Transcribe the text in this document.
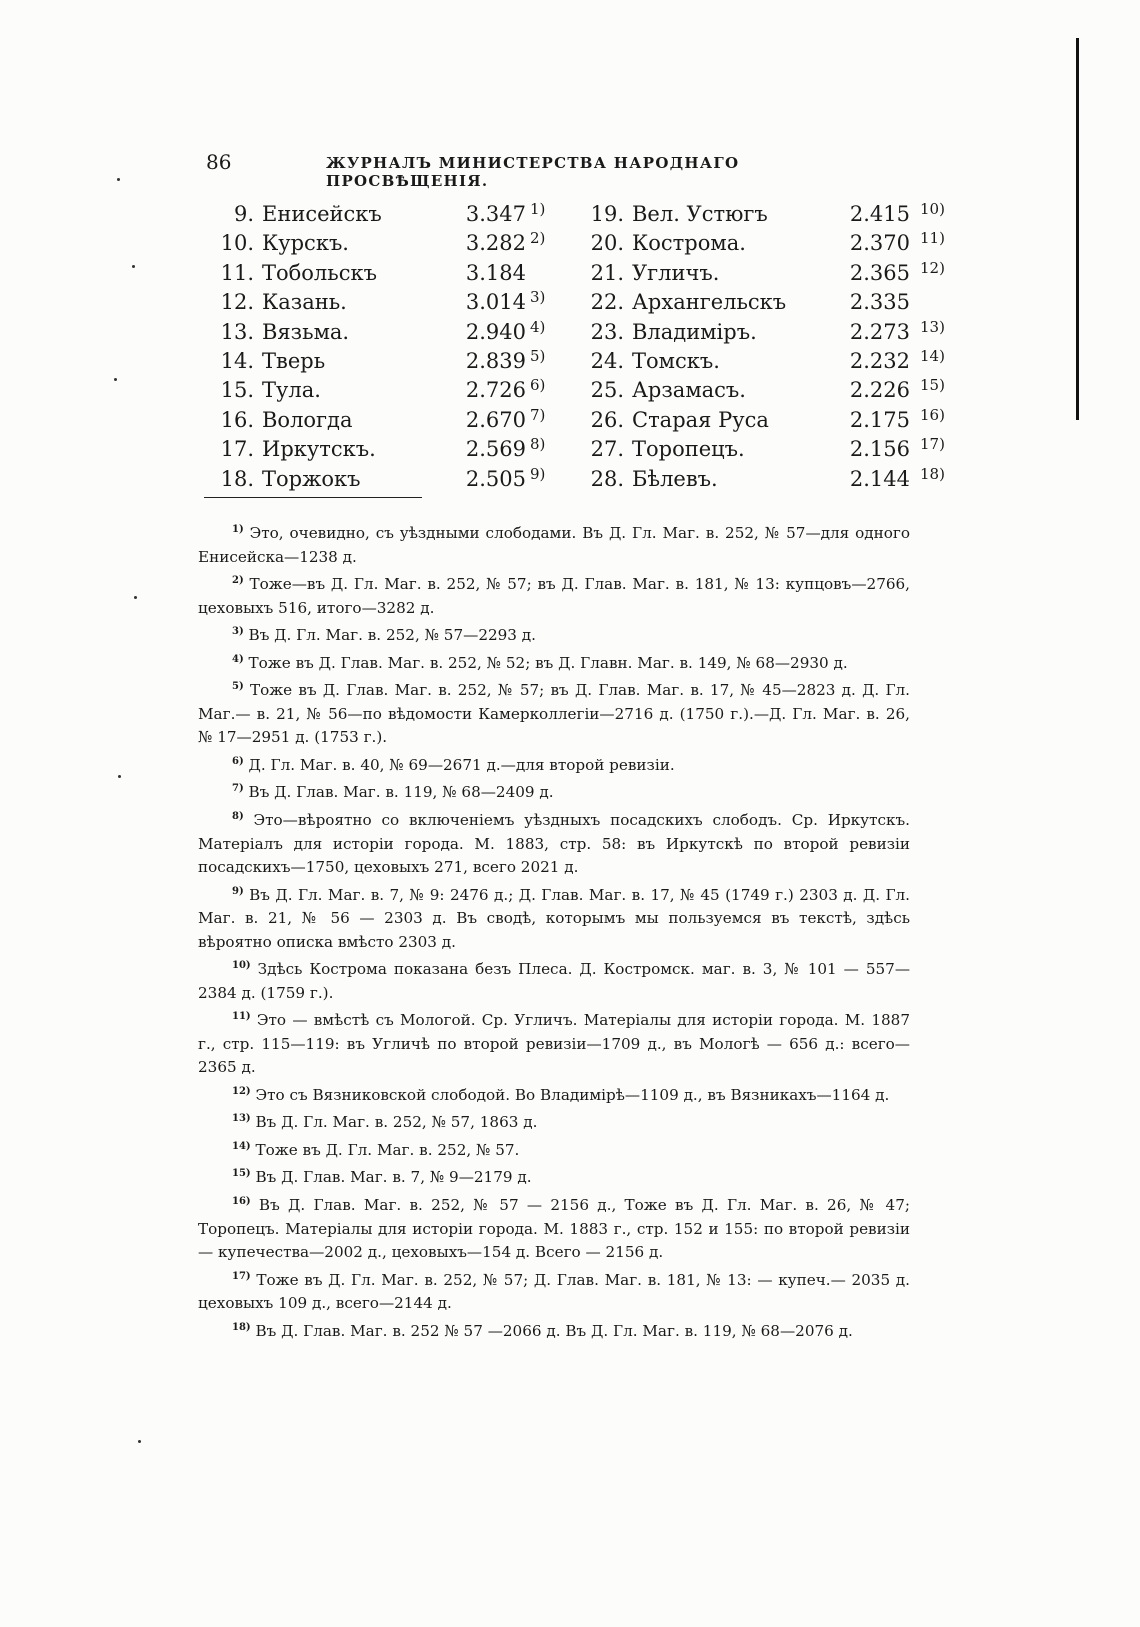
86	ЖУРНАЛЪ МИНИСТЕРСТВА НАРОДНАГО ПРОСВѢЩЕНІЯ.
9. Енисейскъ	3.347 1)
10. Курскъ.	3.282 2)
11. Тобольскъ	3.184
12. Казань.	3.014 3)
13. Вязьма.	2.940 4)
14. Тверь	2.839 5)
15. Тула.	2.726 6)
16. Вологда	2.670 7)
17. Иркутскъ.	2.569 8)
18. Торжокъ	2.505 9)
19. Вел. Устюгъ	2.415 10)
20. Кострома.	2.370 11)
21. Угличъ.	2.365 12)
22. Архангельскъ	2.335
23. Владиміръ.	2.273 13)
24. Томскъ.	2.232 14)
25. Арзамасъ.	2.226 15)
26. Старая Руса	2.175 16)
27. Торопецъ.	2.156 17)
28. Бѣлевъ.	2.144 18)

$^{1)}$ Это, очевидно, съ уѣздными слободами. Въ Д. Гл. Маг. в. 252, № 57—для одного Енисейска—1238 д.

$^{2)}$ Тоже—въ Д. Гл. Маг. в. 252, № 57; въ Д. Глав. Маг. в. 181, № 13: купцовъ—2766, цеховыхъ 516, итого—3282 д.

$^{3)}$ Въ Д. Гл. Маг. в. 252, № 57—2293 д.

$^{4)}$ Тоже въ Д. Глав. Маг. в. 252, № 52; въ Д. Главн. Маг. в. 149, № 68—2930 д.

$^{5)}$ Тоже въ Д. Глав. Маг. в. 252, № 57; въ Д. Глав. Маг. в. 17, № 45—2823 д. Д. Гл. Маг.— в. 21, № 56—по вѣдомости Камерколлегіи—2716 д. (1750 г.).—Д. Гл. Маг. в. 26, № 17—2951 д. (1753 г.).

$^{6)}$ Д. Гл. Маг. в. 40, № 69—2671 д.—для второй ревизіи.

$^{7)}$ Въ Д. Глав. Маг. в. 119, № 68—2409 д.

$^{8)}$ Это—вѣроятно со включеніемъ уѣздныхъ посадскихъ слободъ. Ср. Иркутскъ. Матеріалъ для исторіи города. М. 1883, стр. 58: въ Иркутскѣ по второй ревизіи посадскихъ—1750, цеховыхъ 271, всего 2021 д.

$^{9)}$ Въ Д. Гл. Маг. в. 7, № 9: 2476 д.; Д. Глав. Маг. в. 17, № 45 (1749 г.) 2303 д. Д. Гл. Маг. в. 21, № 56 — 2303 д. Въ сводѣ, которымъ мы пользуемся въ текстѣ, здѣсь вѣроятно описка вмѣсто 2303 д.

$^{10)}$ Здѣсь Кострома показана безъ Плеса. Д. Костромск. маг. в. 3, № 101 — 557—2384 д. (1759 г.).

$^{11)}$ Это — вмѣстѣ съ Мологой. Ср. Угличъ. Матеріалы для исторіи города. М. 1887 г., стр. 115—119: въ Угличѣ по второй ревизіи—1709 д., въ Мологѣ — 656 д.: всего—2365 д.

$^{12)}$ Это съ Вязниковской слободой. Во Владимірѣ—1109 д., въ Вязникахъ—1164 д.

$^{13)}$ Въ Д. Гл. Маг. в. 252, № 57, 1863 д.

$^{14)}$ Тоже въ Д. Гл. Маг. в. 252, № 57.

$^{15)}$ Въ Д. Глав. Маг. в. 7, № 9—2179 д.

$^{16)}$ Въ Д. Глав. Маг. в. 252, № 57 — 2156 д., Тоже въ Д. Гл. Маг. в. 26, № 47; Торопецъ. Матеріалы для исторіи города. М. 1883 г., стр. 152 и 155: по второй ревизіи — купечества—2002 д., цеховыхъ—154 д. Всего — 2156 д.

$^{17)}$ Тоже въ Д. Гл. Маг. в. 252, № 57; Д. Глав. Маг. в. 181, № 13: — купеч.— 2035 д. цеховыхъ 109 д., всего—2144 д.

$^{18)}$ Въ Д. Глав. Маг. в. 252 № 57 —2066 д. Въ Д. Гл. Маг. в. 119, № 68—2076 д.
